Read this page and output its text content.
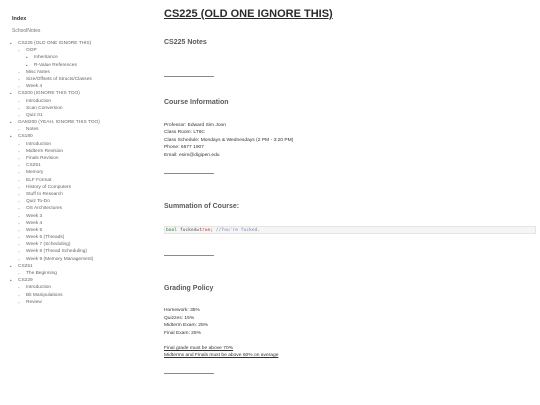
Index
SchoolNotes
• CS225 (OLD ONE IGNORE THIS)
◦ OOP
• Inheritance
• R-Value References
◦ Misc Notes
◦ Size/Offsets of Structs/Classes
◦ Week 4
• CS200 (IGNORE THIS TOO)
◦ Introduction
◦ Scan Conversion
◦ Quiz 01
• GAM200 (YEAH, IGNORE THIS TOO)
◦ Notes
• CS180
◦ Introduction
◦ Midterm Revision
◦ Finals Revision
◦ CS251
◦ Memory
◦ ELF Format
◦ History of Computers
◦ Stuff to Research
◦ Quiz To-Do
◦ OS Architectures
◦ Week 3
◦ Week 4
◦ Week 5
◦ Week 6 (Threads)
◦ Week 7 (Scheduling)
◦ Week 8 (Thread Scheduling)
◦ Week 9 (Memory Management)
• CS251
◦ The Beginning
• CS229
◦ Introduction
◦ Bit Manipulations
◦ Review
CS225 (OLD ONE IGNORE THIS)
CS225 Notes
Course Information
Professor: Edward Sim Joon
Class Room: LT6C
Class Schedule: Mondays & Wednesdays (2 PM - 3:20 PM)
Phone: 6577 1907
Email: esim@digipen.edu
Summation of Course:
bool fucked=true; //You're fucked.
Grading Policy
Homework: 35%
Quizzes: 15%
Midterm Exam: 25%
Final Exam: 25%
Final grade must be above 70%
Midterms and Finals must be above 60% on average
